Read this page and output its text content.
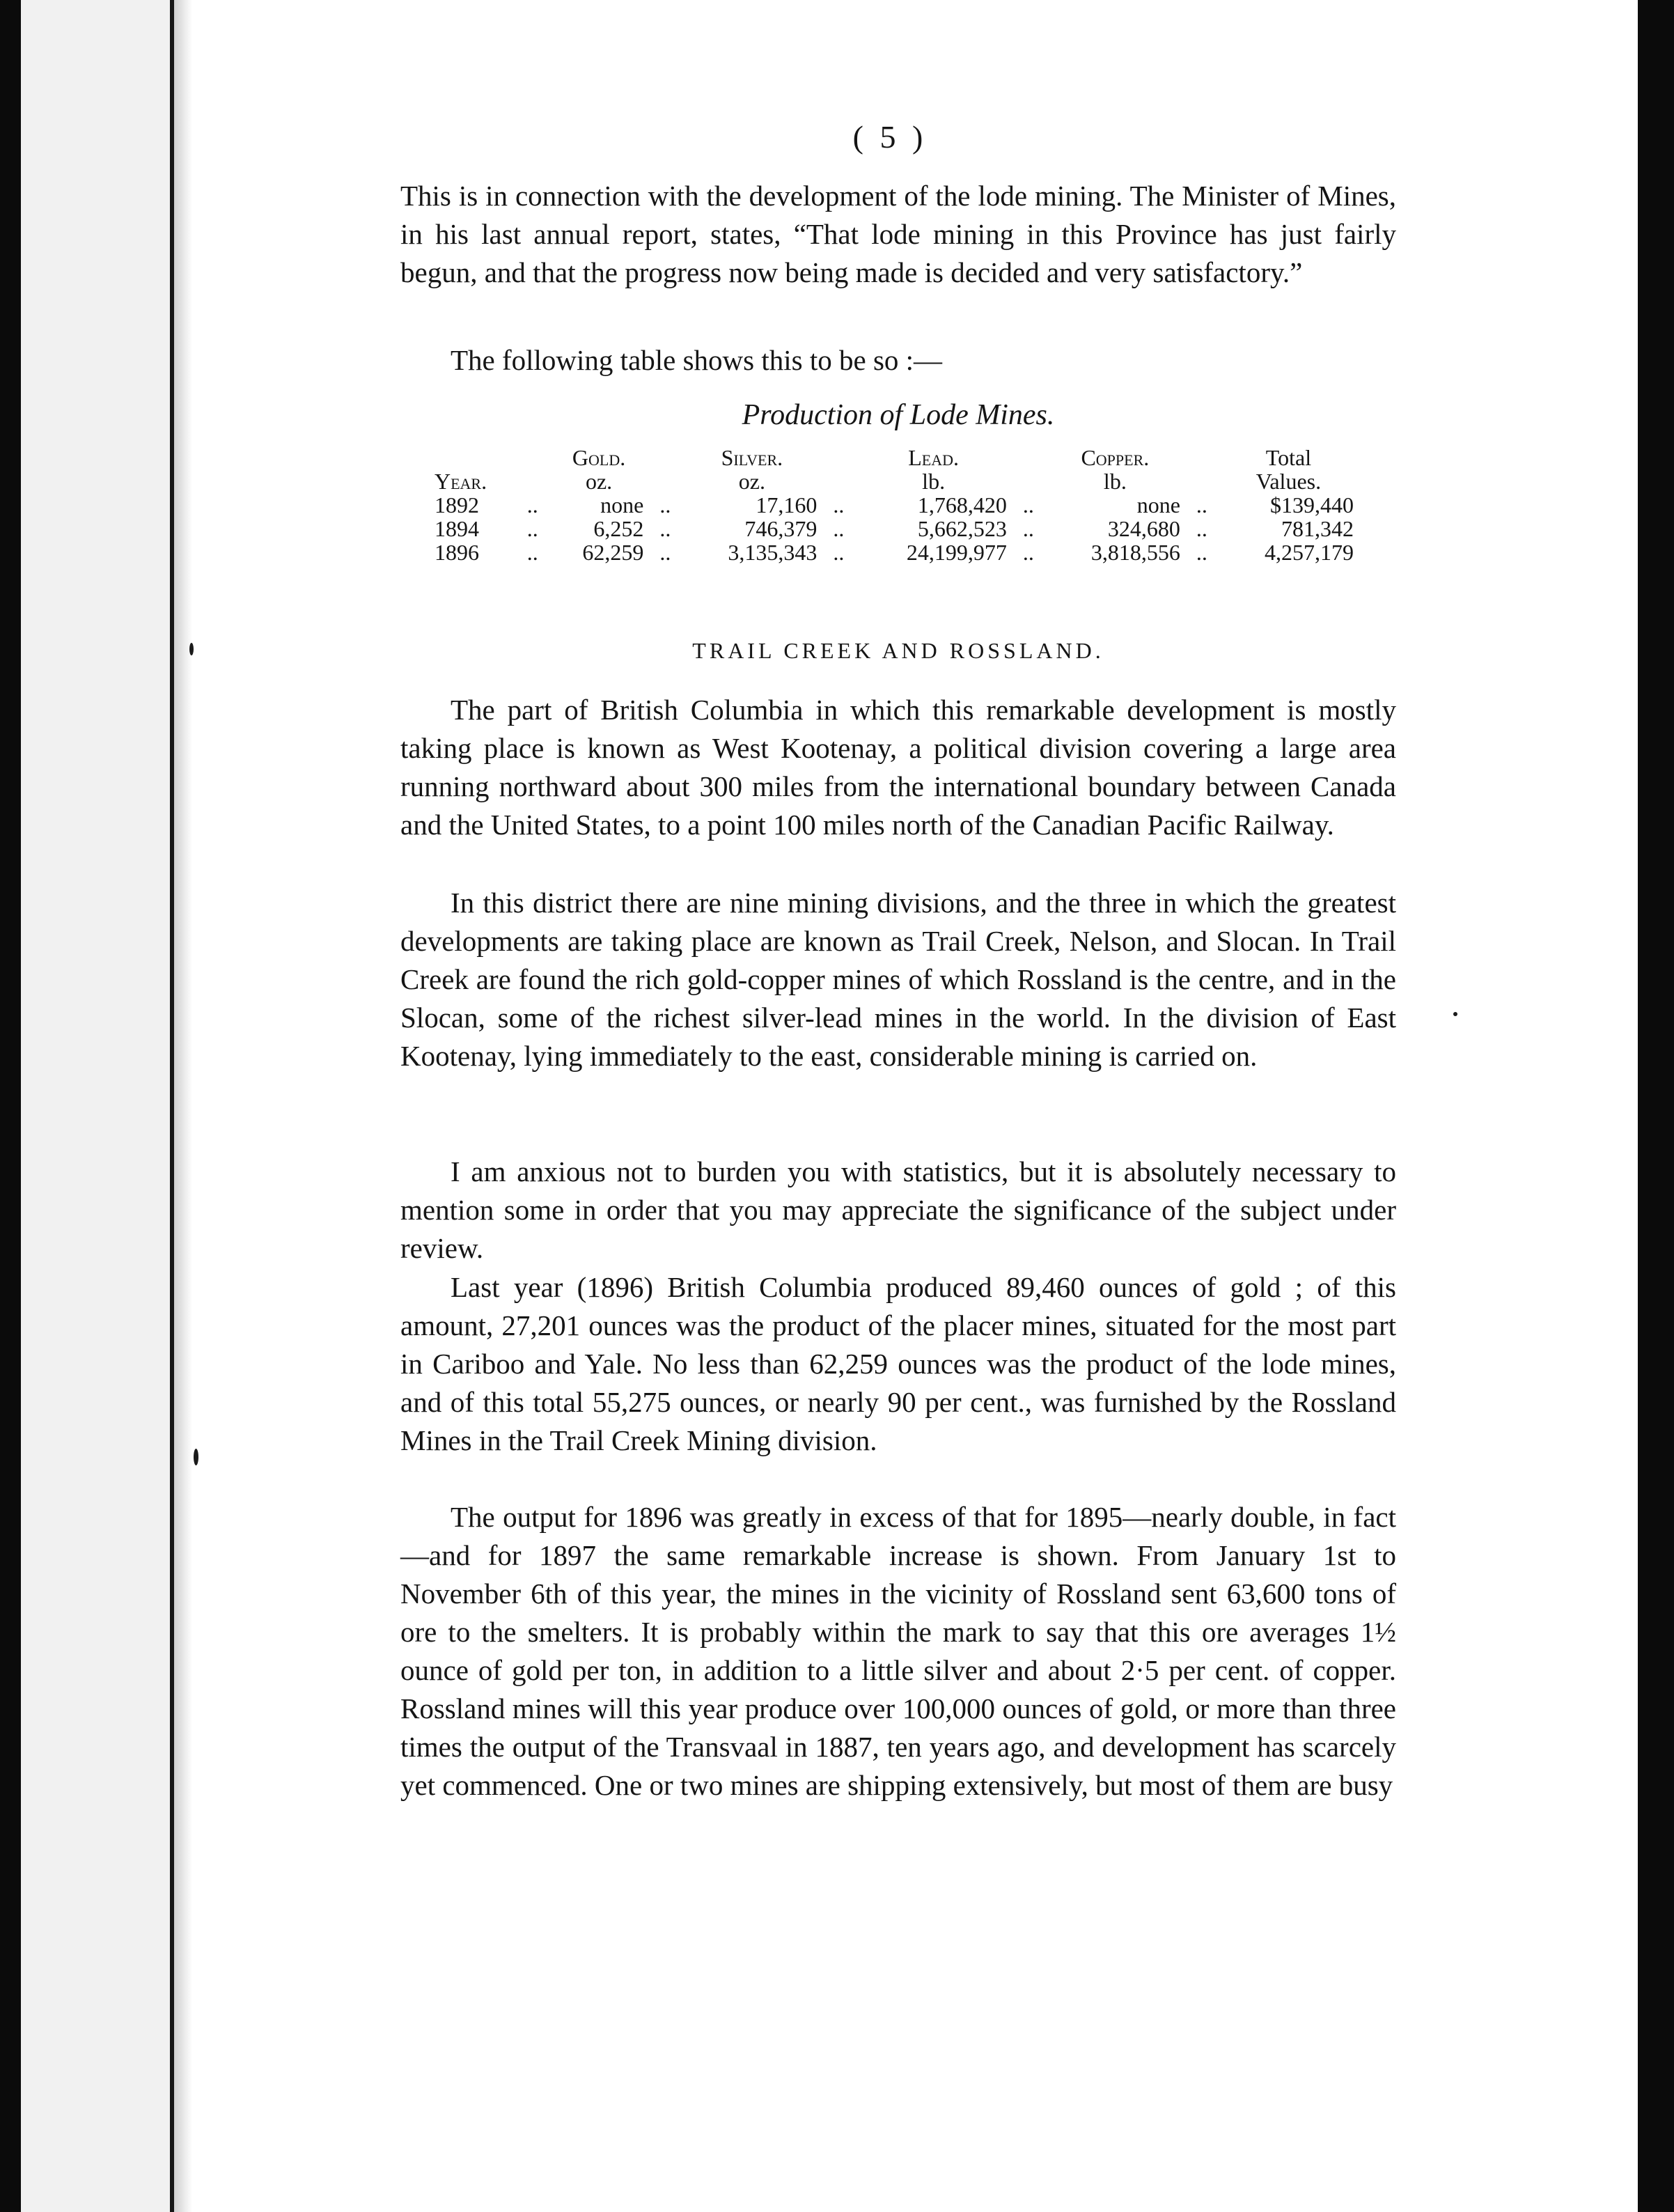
( 5 )

This is in connection with the development of the lode mining. The Minister of Mines, in his last annual report, states, “That lode mining in this Province has just fairly begun, and that the progress now being made is decided and very satisfactory.”

The following table shows this to be so :—

Production of Lode Mines.
		Gold.		Silver.		Lead.		Copper.		Total
Year.		oz.		oz.		lb.		lb.		Values.
1892	..	none	..	17,160	..	1,768,420	..	none	..	$139,440
1894	..	6,252	..	746,379	..	5,662,523	..	324,680	..	781,342
1896	..	62,259	..	3,135,343	..	24,199,977	..	3,818,556	..	4,257,179
TRAIL CREEK AND ROSSLAND.

The part of British Columbia in which this remarkable development is mostly taking place is known as West Kootenay, a political division covering a large area running northward about 300 miles from the international boundary between Canada and the United States, to a point 100 miles north of the Canadian Pacific Railway.

In this district there are nine mining divisions, and the three in which the greatest developments are taking place are known as Trail Creek, Nelson, and Slocan. In Trail Creek are found the rich gold-copper mines of which Rossland is the centre, and in the Slocan, some of the richest silver-lead mines in the world. In the division of East Kootenay, lying immediately to the east, considerable mining is carried on.

I am anxious not to burden you with statistics, but it is absolutely necessary to mention some in order that you may appreciate the significance of the subject under review.

Last year (1896) British Columbia produced 89,460 ounces of gold ; of this amount, 27,201 ounces was the product of the placer mines, situated for the most part in Cariboo and Yale. No less than 62,259 ounces was the product of the lode mines, and of this total 55,275 ounces, or nearly 90 per cent., was furnished by the Rossland Mines in the Trail Creek Mining division.

The output for 1896 was greatly in excess of that for 1895—nearly double, in fact—and for 1897 the same remarkable increase is shown. From January 1st to November 6th of this year, the mines in the vicinity of Rossland sent 63,600 tons of ore to the smelters. It is probably within the mark to say that this ore averages 1½ ounce of gold per ton, in addition to a little silver and about 2·5 per cent. of copper. Rossland mines will this year produce over 100,000 ounces of gold, or more than three times the output of the Transvaal in 1887, ten years ago, and development has scarcely yet commenced. One or two mines are shipping extensively, but most of them are busy
